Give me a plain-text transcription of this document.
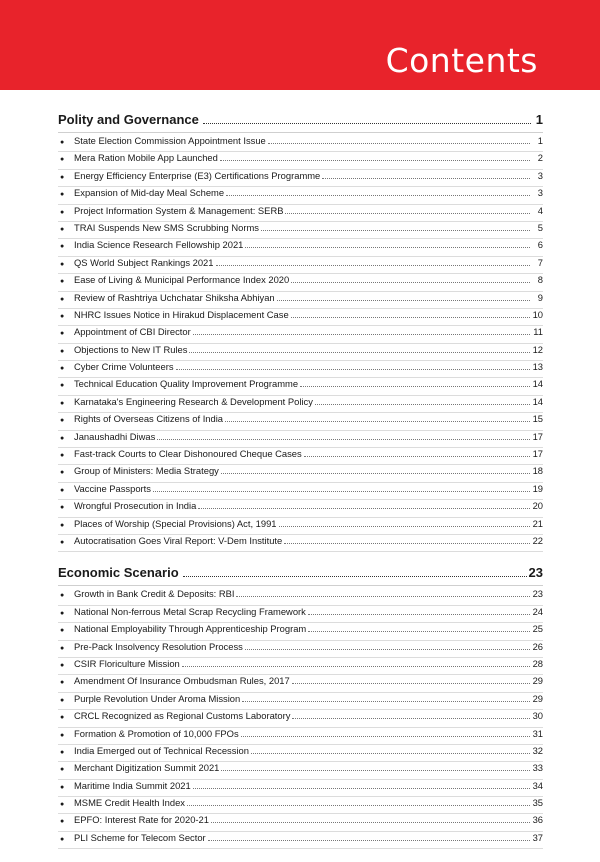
Contents
Polity and Governance	1
●	State Election Commission Appointment Issue	1
●	Mera Ration Mobile App Launched	2
●	Energy Efficiency Enterprise (E3) Certifications Programme	3
●	Expansion of Mid-day Meal Scheme	3
●	Project Information System & Management: SERB	4
●	TRAI Suspends New SMS Scrubbing Norms	5
●	India Science Research Fellowship 2021	6
●	QS World Subject Rankings 2021	7
●	Ease of Living & Municipal Performance Index 2020	8
●	Review of Rashtriya Uchchatar Shiksha Abhiyan	9
●	NHRC Issues Notice in Hirakud Displacement Case	10
●	Appointment of CBI Director	11
●	Objections to New IT Rules	12
●	Cyber Crime Volunteers	13
●	Technical Education Quality Improvement Programme	14
●	Karnataka's Engineering Research & Development Policy	14
●	Rights of Overseas Citizens of India	15
●	Janaushadhi Diwas	17
●	Fast-track Courts to Clear Dishonoured Cheque Cases	17
●	Group of Ministers: Media Strategy	18
●	Vaccine Passports	19
●	Wrongful Prosecution in India	20
●	Places of Worship (Special Provisions) Act, 1991	21
●	Autocratisation Goes Viral Report: V-Dem Institute	22
Economic Scenario	23
●	Growth in Bank Credit & Deposits: RBI	23
●	National Non-ferrous Metal Scrap Recycling Framework	24
●	National Employability Through Apprenticeship Program	25
●	Pre-Pack Insolvency Resolution Process	26
●	CSIR Floriculture Mission	28
●	Amendment Of Insurance Ombudsman Rules, 2017	29
●	Purple Revolution Under Aroma Mission	29
●	CRCL Recognized as Regional Customs Laboratory	30
●	Formation & Promotion of 10,000 FPOs	31
●	India Emerged out of Technical Recession	32
●	Merchant Digitization Summit 2021	33
●	Maritime India Summit 2021	34
●	MSME Credit Health Index	35
●	EPFO: Interest Rate for 2020-21	36
●	PLI Scheme for Telecom Sector	37
